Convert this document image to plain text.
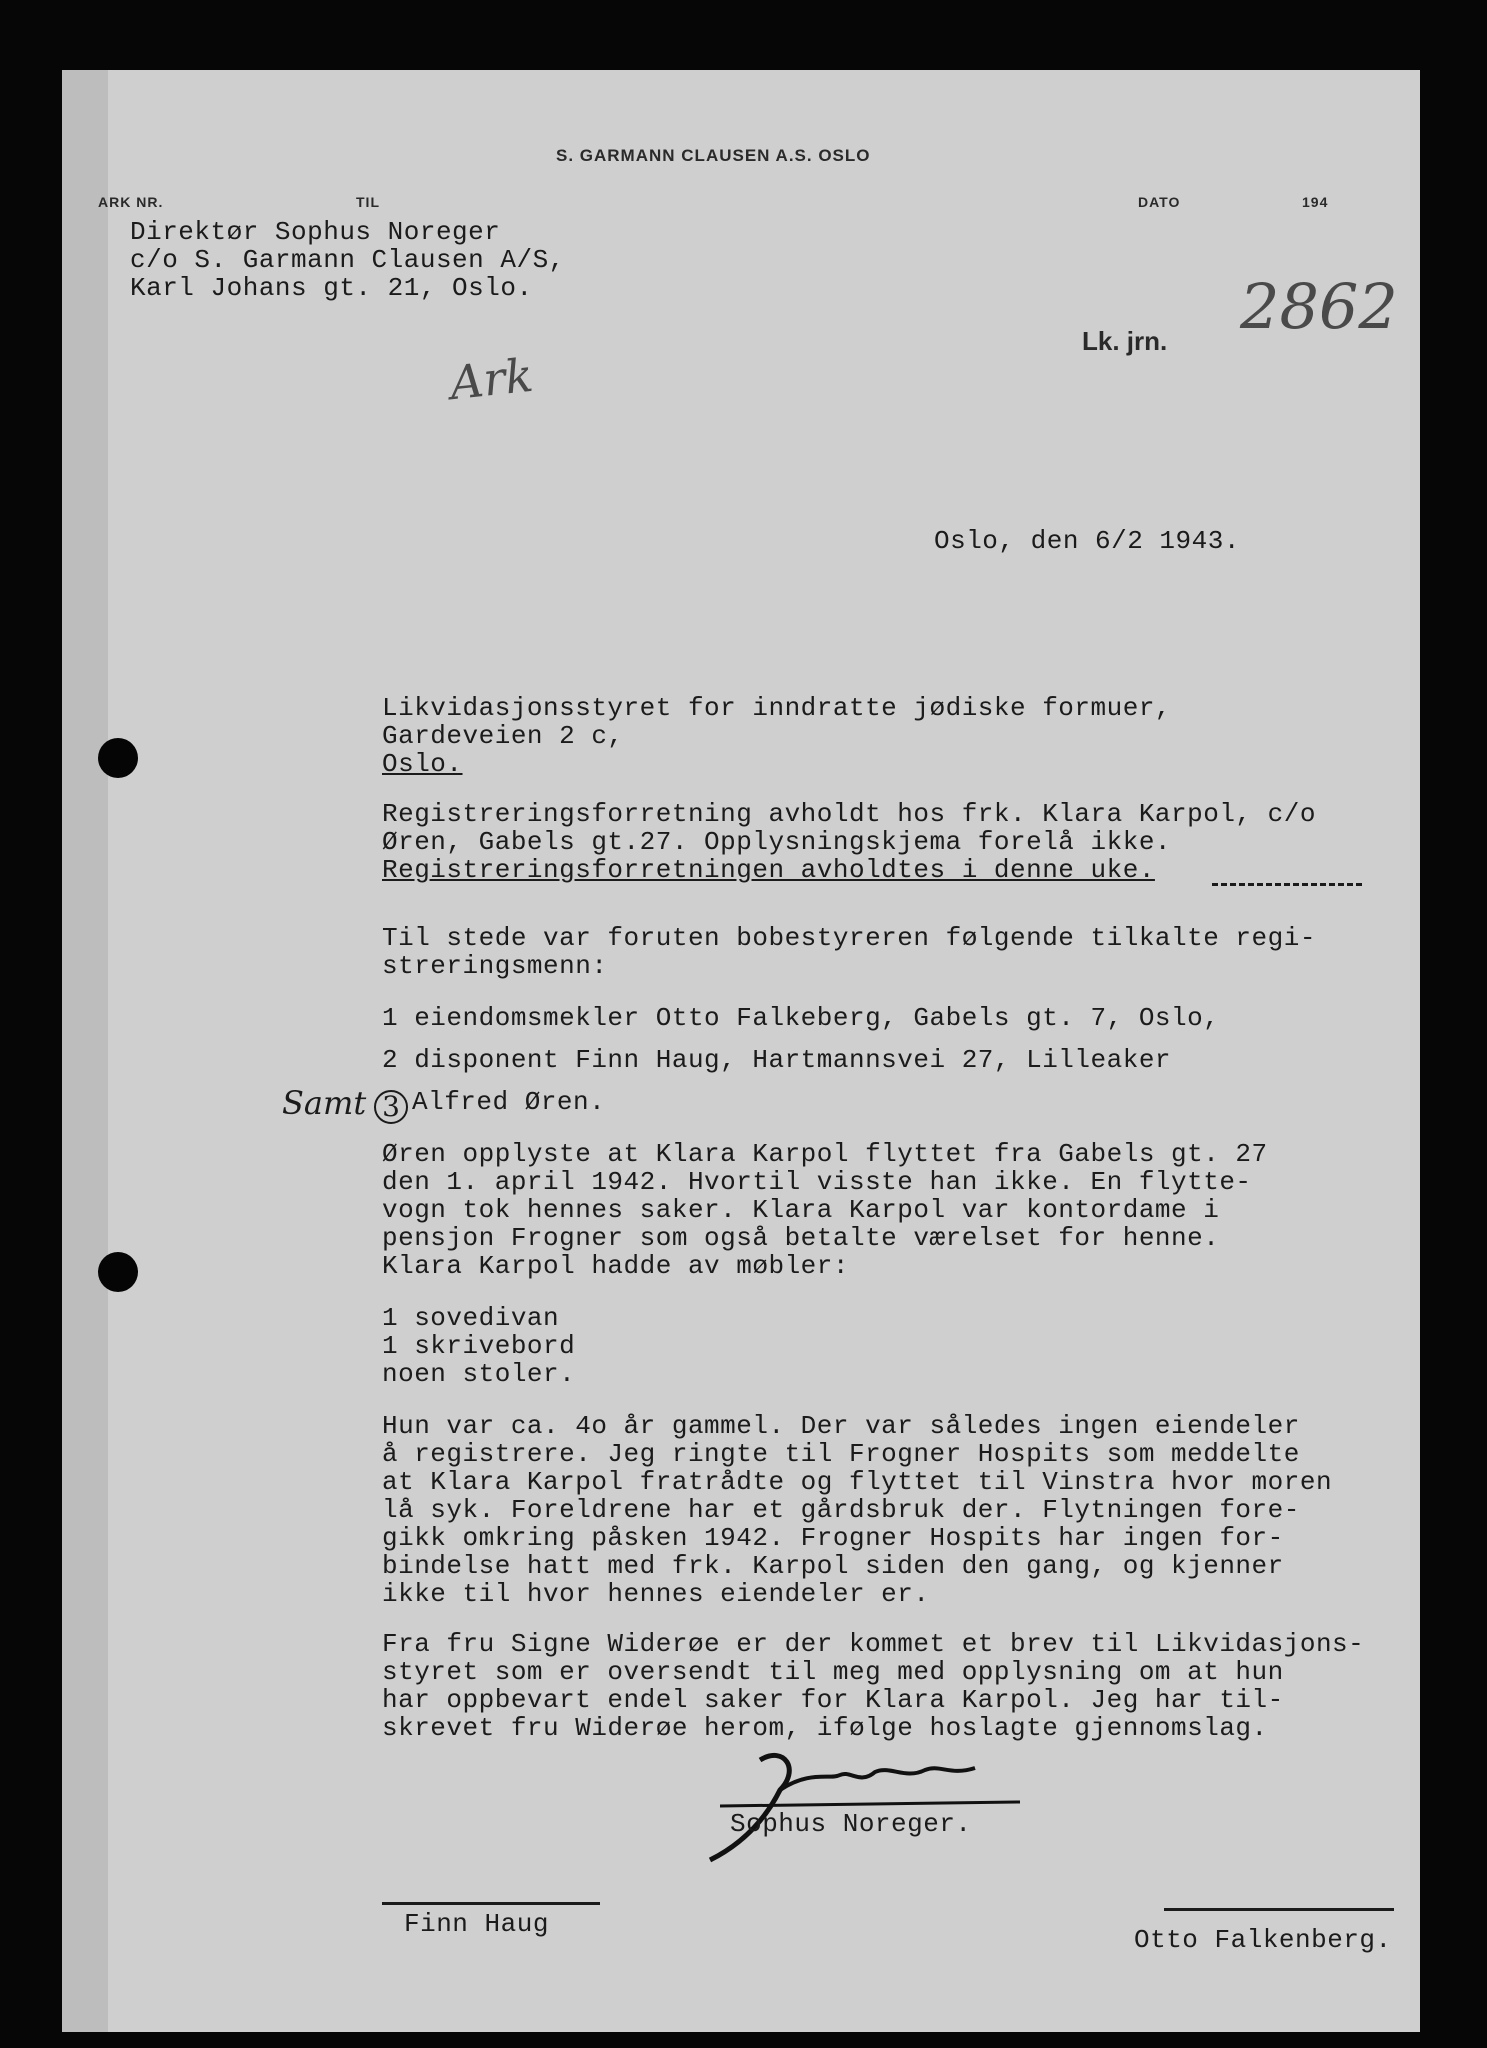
S. GARMANN CLAUSEN A.S. OSLO
ARK NR.	TIL	DATO	194
Direktør Sophus Noreger
c/o S. Garmann Clausen A/S,
Karl Johans gt. 21, Oslo.
Lk. jrn. 2862
Ark
Oslo, den 6/2 1943.
Likvidasjonsstyret for inndratte jødiske formuer,
Gardeveien 2 c,
Oslo.
Registreringsforretning avholdt hos frk. Klara Karpol, c/o
Øren, Gabels gt.27. Opplysningskjema forelå ikke.
Registreringsforretningen avholdtes i denne uke.
Til stede var foruten bobestyreren følgende tilkalte regi-
streringsmenn:
1 eiendomsmekler Otto Falkeberg, Gabels gt. 7, Oslo,
2 disponent Finn Haug, Hartmannsvei 27, Lilleaker
Samt 3 Alfred Øren.
Øren opplyste at Klara Karpol flyttet fra Gabels gt. 27
den 1. april 1942. Hvortil visste han ikke. En flytte-
vogn tok hennes saker. Klara Karpol var kontordame i
pensjon Frogner som også betalte værelset for henne.
Klara Karpol hadde av møbler:
1 sovedivan
1 skrivebord
noen stoler.
Hun var ca. 4o år gammel. Der var således ingen eiendeler
å registrere. Jeg ringte til Frogner Hospits som meddelte
at Klara Karpol fratrådte og flyttet til Vinstra hvor moren
lå syk. Foreldrene har et gårdsbruk der. Flytningen fore-
gikk omkring påsken 1942. Frogner Hospits har ingen for-
bindelse hatt med frk. Karpol siden den gang, og kjenner
ikke til hvor hennes eiendeler er.
Fra fru Signe Widerøe er der kommet et brev til Likvidasjons-
styret som er oversendt til meg med opplysning om at hun
har oppbevart endel saker for Klara Karpol. Jeg har til-
skrevet fru Widerøe herom, ifølge hoslagte gjennomslag.
Sophus Noreger.
Finn Haug
Otto Falkenberg.
